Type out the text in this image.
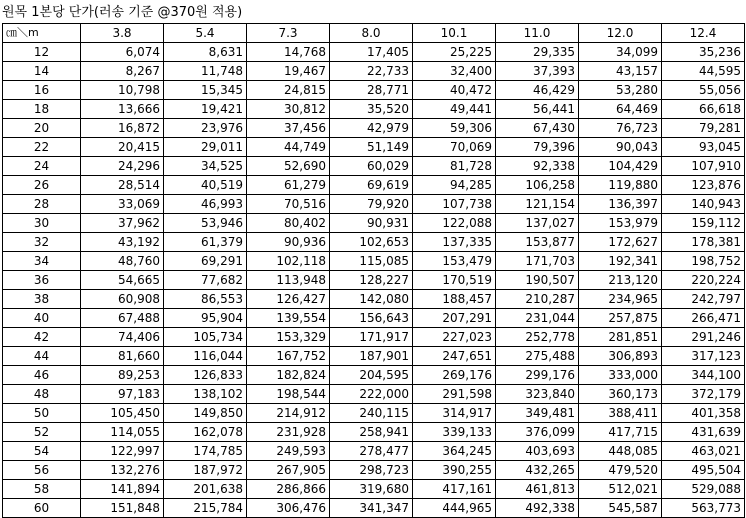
원목 1본당 단가(러송 기준 @370원 적용)
㎝＼m	3.8	5.4	7.3	8.0	10.1	11.0	12.0	12.4
12	6,074	8,631	14,768	17,405	25,225	29,335	34,099	35,236
14	8,267	11,748	19,467	22,733	32,400	37,393	43,157	44,595
16	10,798	15,345	24,815	28,771	40,472	46,429	53,280	55,056
18	13,666	19,421	30,812	35,520	49,441	56,441	64,469	66,618
20	16,872	23,976	37,456	42,979	59,306	67,430	76,723	79,281
22	20,415	29,011	44,749	51,149	70,069	79,396	90,043	93,045
24	24,296	34,525	52,690	60,029	81,728	92,338	104,429	107,910
26	28,514	40,519	61,279	69,619	94,285	106,258	119,880	123,876
28	33,069	46,993	70,516	79,920	107,738	121,154	136,397	140,943
30	37,962	53,946	80,402	90,931	122,088	137,027	153,979	159,112
32	43,192	61,379	90,936	102,653	137,335	153,877	172,627	178,381
34	48,760	69,291	102,118	115,085	153,479	171,703	192,341	198,752
36	54,665	77,682	113,948	128,227	170,519	190,507	213,120	220,224
38	60,908	86,553	126,427	142,080	188,457	210,287	234,965	242,797
40	67,488	95,904	139,554	156,643	207,291	231,044	257,875	266,471
42	74,406	105,734	153,329	171,917	227,023	252,778	281,851	291,246
44	81,660	116,044	167,752	187,901	247,651	275,488	306,893	317,123
46	89,253	126,833	182,824	204,595	269,176	299,176	333,000	344,100
48	97,183	138,102	198,544	222,000	291,598	323,840	360,173	372,179
50	105,450	149,850	214,912	240,115	314,917	349,481	388,411	401,358
52	114,055	162,078	231,928	258,941	339,133	376,099	417,715	431,639
54	122,997	174,785	249,593	278,477	364,245	403,693	448,085	463,021
56	132,276	187,972	267,905	298,723	390,255	432,265	479,520	495,504
58	141,894	201,638	286,866	319,680	417,161	461,813	512,021	529,088
60	151,848	215,784	306,476	341,347	444,965	492,338	545,587	563,773
